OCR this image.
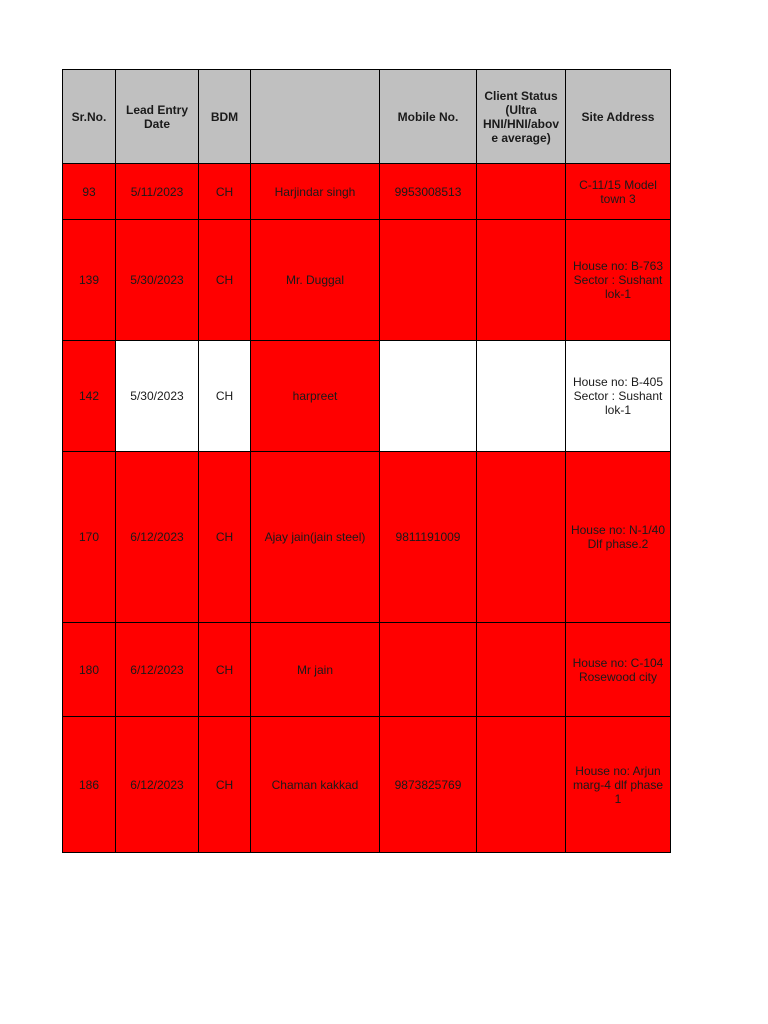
Sr.No.	Lead Entry Date	BDM		Mobile No.	Client Status (Ultra HNI/HNI/above average)	Site Address
93	5/11/2023	CH	Harjindar singh	9953008513		C-11/15 Model town 3
139	5/30/2023	CH	Mr. Duggal			House no: B-763 Sector : Sushant lok-1
142	5/30/2023	CH	harpreet			House no: B-405 Sector : Sushant lok-1
170	6/12/2023	CH	Ajay jain(jain steel)	9811191009		House no: N-1/40 Dlf phase.2
180	6/12/2023	CH	Mr jain			House no: C-104 Rosewood city
186	6/12/2023	CH	Chaman kakkad	9873825769		House no: Arjun marg-4 dlf phase 1
